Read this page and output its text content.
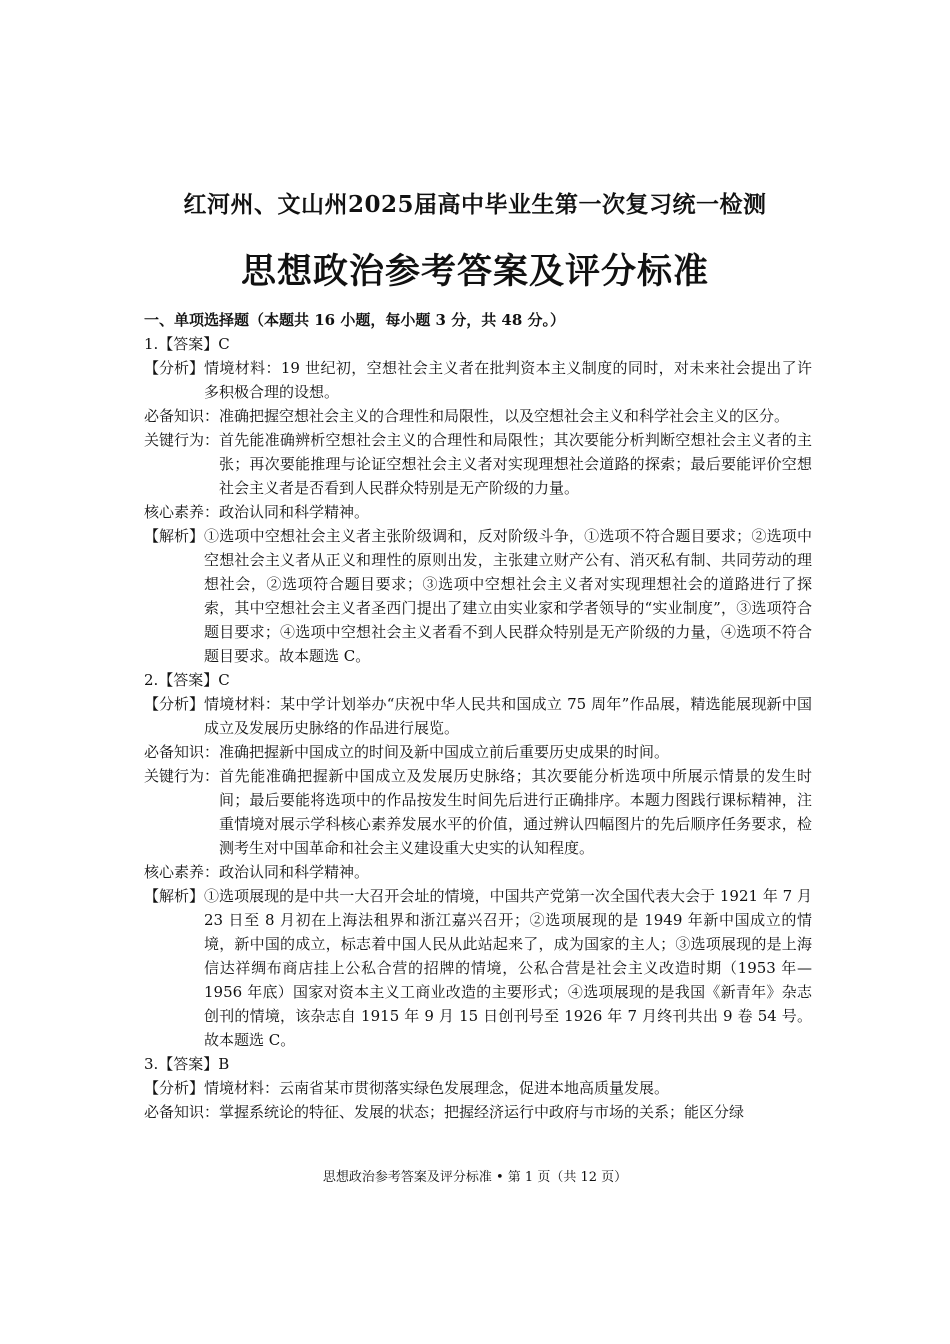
红河州、文山州2025届高中毕业生第一次复习统一检测
思想政治参考答案及评分标准

一、单项选择题（本题共 16 小题，每小题 3 分，共 48 分。）

1.【答案】C

【分析】 情境材料：19 世纪初，空想社会主义者在批判资本主义制度的同时，对未来社会提出了许多积极合理的设想。
必备知识： 准确把握空想社会主义的合理性和局限性，以及空想社会主义和科学社会主义的区分。
关键行为： 首先能准确辨析空想社会主义的合理性和局限性；其次要能分析判断空想社会主义者的主张；再次要能推理与论证空想社会主义者对实现理想社会道路的探索；最后要能评价空想社会主义者是否看到人民群众特别是无产阶级的力量。
核心素养： 政治认同和科学精神。
【解析】 ①选项中空想社会主义者主张阶级调和，反对阶级斗争，①选项不符合题目要求；②选项中空想社会主义者从正义和理性的原则出发，主张建立财产公有、消灭私有制、共同劳动的理想社会，②选项符合题目要求；③选项中空想社会主义者对实现理想社会的道路进行了探索，其中空想社会主义者圣西门提出了建立由实业家和学者领导的“实业制度”，③选项符合题目要求；④选项中空想社会主义者看不到人民群众特别是无产阶级的力量，④选项不符合题目要求。故本题选 C。

2.【答案】C

【分析】 情境材料：某中学计划举办“庆祝中华人民共和国成立 75 周年”作品展，精选能展现新中国成立及发展历史脉络的作品进行展览。
必备知识： 准确把握新中国成立的时间及新中国成立前后重要历史成果的时间。
关键行为： 首先能准确把握新中国成立及发展历史脉络；其次要能分析选项中所展示情景的发生时间；最后要能将选项中的作品按发生时间先后进行正确排序。本题力图践行课标精神，注重情境对展示学科核心素养发展水平的价值，通过辨认四幅图片的先后顺序任务要求，检测考生对中国革命和社会主义建设重大史实的认知程度。
核心素养： 政治认同和科学精神。
【解析】 ①选项展现的是中共一大召开会址的情境，中国共产党第一次全国代表大会于 1921 年 7 月 23 日至 8 月初在上海法租界和浙江嘉兴召开；②选项展现的是 1949 年新中国成立的情境，新中国的成立，标志着中国人民从此站起来了，成为国家的主人；③选项展现的是上海信达祥绸布商店挂上公私合营的招牌的情境，公私合营是社会主义改造时期（1953 年—1956 年底）国家对资本主义工商业改造的主要形式；④选项展现的是我国《新青年》杂志创刊的情境，该杂志自 1915 年 9 月 15 日创刊号至 1926 年 7 月终刊共出 9 卷 54 号。故本题选 C。

3.【答案】B

【分析】 情境材料：云南省某市贯彻落实绿色发展理念，促进本地高质量发展。
必备知识： 掌握系统论的特征、发展的状态；把握经济运行中政府与市场的关系；能区分绿
思想政治参考答案及评分标准 • 第 1 页（共 12 页）
